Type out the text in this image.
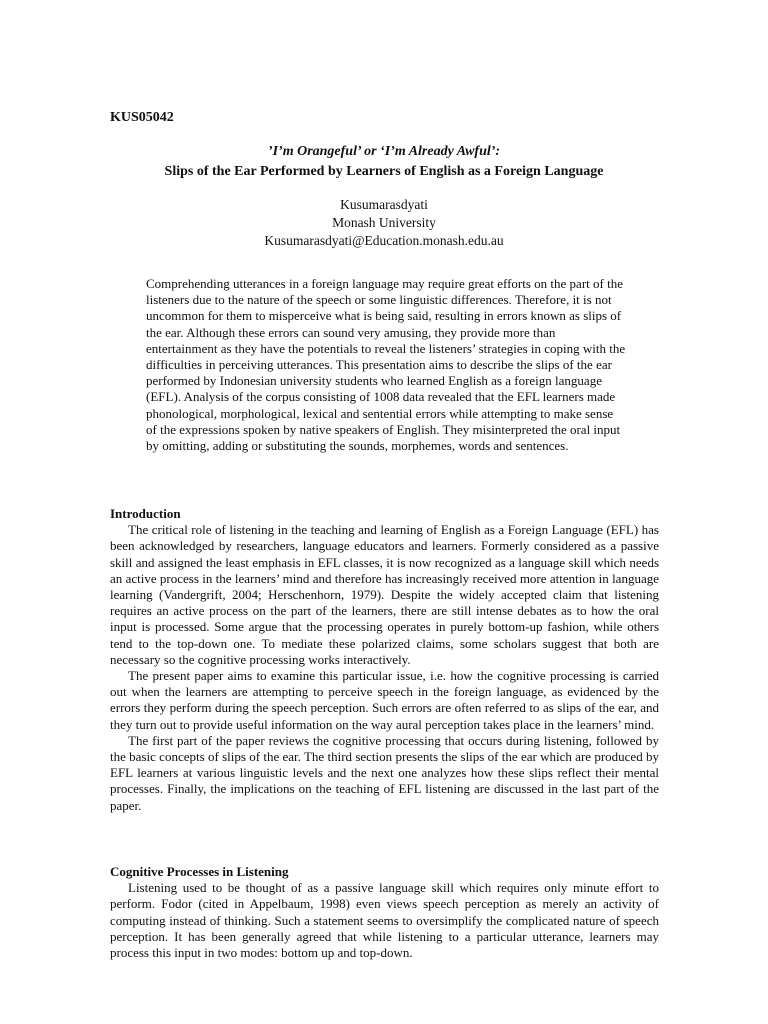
KUS05042
’I’m Orangeful’ or ‘I’m Already Awful’:
Slips of the Ear Performed by Learners of English as a Foreign Language
Kusumarasdyati
Monash University
Kusumarasdyati@Education.monash.edu.au
Comprehending utterances in a foreign language may require great efforts on the part of the listeners due to the nature of the speech or some linguistic differences. Therefore, it is not uncommon for them to misperceive what is being said, resulting in errors known as slips of the ear. Although these errors can sound very amusing, they provide more than entertainment as they have the potentials to reveal the listeners’ strategies in coping with the difficulties in perceiving utterances. This presentation aims to describe the slips of the ear performed by Indonesian university students who learned English as a foreign language (EFL). Analysis of the corpus consisting of 1008 data revealed that the EFL learners made phonological, morphological, lexical and sentential errors while attempting to make sense of the expressions spoken by native speakers of English. They misinterpreted the oral input by omitting, adding or substituting the sounds, morphemes, words and sentences.
Introduction

The critical role of listening in the teaching and learning of English as a Foreign Language (EFL) has been acknowledged by researchers, language educators and learners. Formerly considered as a passive skill and assigned the least emphasis in EFL classes, it is now recognized as a language skill which needs an active process in the learners’ mind and therefore has increasingly received more attention in language learning (Vandergrift, 2004; Herschenhorn, 1979). Despite the widely accepted claim that listening requires an active process on the part of the learners, there are still intense debates as to how the oral input is processed. Some argue that the processing operates in purely bottom-up fashion, while others tend to the top-down one. To mediate these polarized claims, some scholars suggest that both are necessary so the cognitive processing works interactively.

The present paper aims to examine this particular issue, i.e. how the cognitive processing is carried out when the learners are attempting to perceive speech in the foreign language, as evidenced by the errors they perform during the speech perception. Such errors are often referred to as slips of the ear, and they turn out to provide useful information on the way aural perception takes place in the learners’ mind.

The first part of the paper reviews the cognitive processing that occurs during listening, followed by the basic concepts of slips of the ear. The third section presents the slips of the ear which are produced by EFL learners at various linguistic levels and the next one analyzes how these slips reflect their mental processes. Finally, the implications on the teaching of EFL listening are discussed in the last part of the paper.

Cognitive Processes in Listening

Listening used to be thought of as a passive language skill which requires only minute effort to perform. Fodor (cited in Appelbaum, 1998) even views speech perception as merely an activity of computing instead of thinking. Such a statement seems to oversimplify the complicated nature of speech perception. It has been generally agreed that while listening to a particular utterance, learners may process this input in two modes: bottom up and top-down.
